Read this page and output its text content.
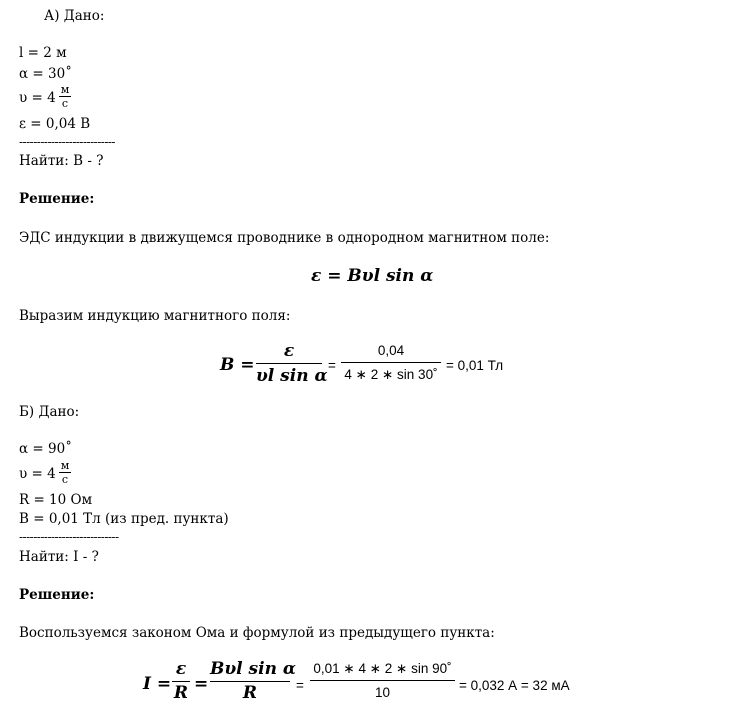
А) Дано:
l = 2 м
α = 30˚
υ = 4
м
с
ε = 0,04 В
---------------------------
Найти: В - ?
Решение:
ЭДС индукции в движущемся проводнике в однородном магнитном поле:
ε = Bυl sin α
Выразим индукцию магнитного поля:
B =
ε
υl sin α
=
0,04
4 ∗ 2 ∗ sin 30˚
= 0,01 Тл
Б) Дано:
α = 90˚
υ = 4
м
с
R = 10 Ом
B = 0,01 Тл (из пред. пункта)
----------------------------
Найти: I - ?
Решение:
Воспользуемся законом Ома и формулой из предыдущего пункта:
I =
ε
R =
Bυl sin α
R	=
0,01 ∗ 4 ∗ 2 ∗ sin 90˚
10	= 0,032 А = 32 мА
